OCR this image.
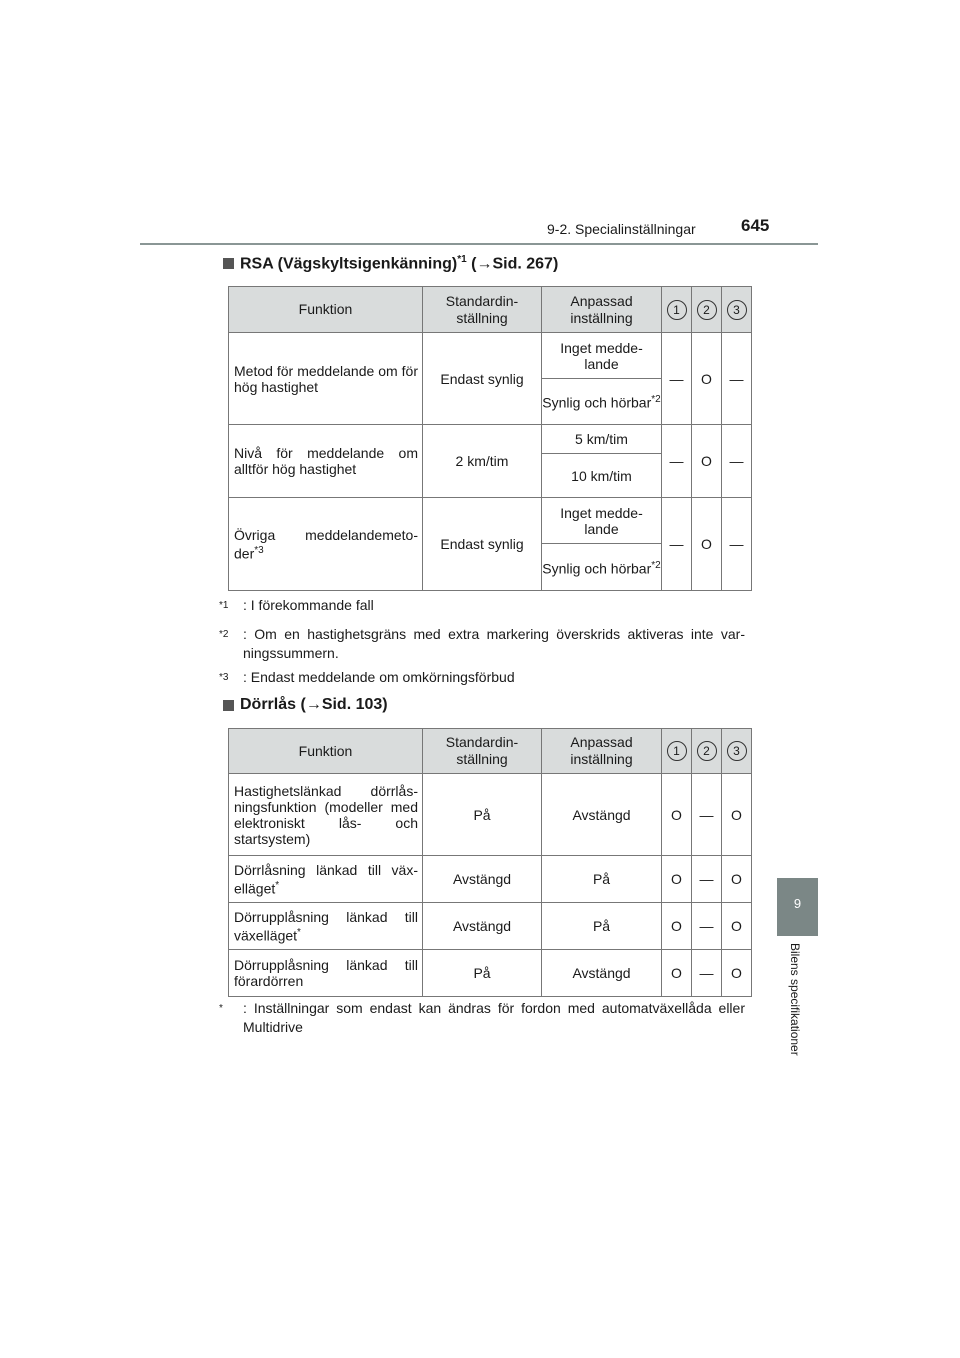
9-2. Specialinställningar	645
9
Bilens specifikationer
RSA (Vägskyltsigenkänning)$^{*1}$ (→Sid. 267)
Funktion	Standardin- ställning	Anpassad inställning	1	2	3
Metod för meddelande om för hög hastighet	Endast synlig	Inget medde- lande	—	O	—
		Synlig och hörbar$^{*2}$
Nivå för meddelande om alltför hög hastighet	2 km/tim	5 km/tim	—	O	—
		10 km/tim			
Övriga meddelandemeto- der$^{*3}$	Endast synlig	Inget medde- lande	—	O	—
		Synlig och hörbar$^{*2}$
*1	: I förekommande fall
*2	: Om en hastighetsgräns med extra markering överskrids aktiveras inte var- ningssummern.
*3	: Endast meddelande om omkörningsförbud
Dörrlås (→Sid. 103)
Funktion	Standardin- ställning	Anpassad inställning	1	2	3
Hastighetslänkad dörrlås- ningsfunktion (modeller med elektroniskt lås- och startsystem)	På	Avstängd	O	—	O
Dörrlåsning länkad till väx- elläget*	Avstängd	På	O	—	O
Dörrupplåsning länkad till växelläget*	Avstängd	På	O	—	O
Dörrupplåsning länkad till förardörren	På	Avstängd	O	—	O
*	: Inställningar som endast kan ändras för fordon med automatväxellåda eller Multidrive
